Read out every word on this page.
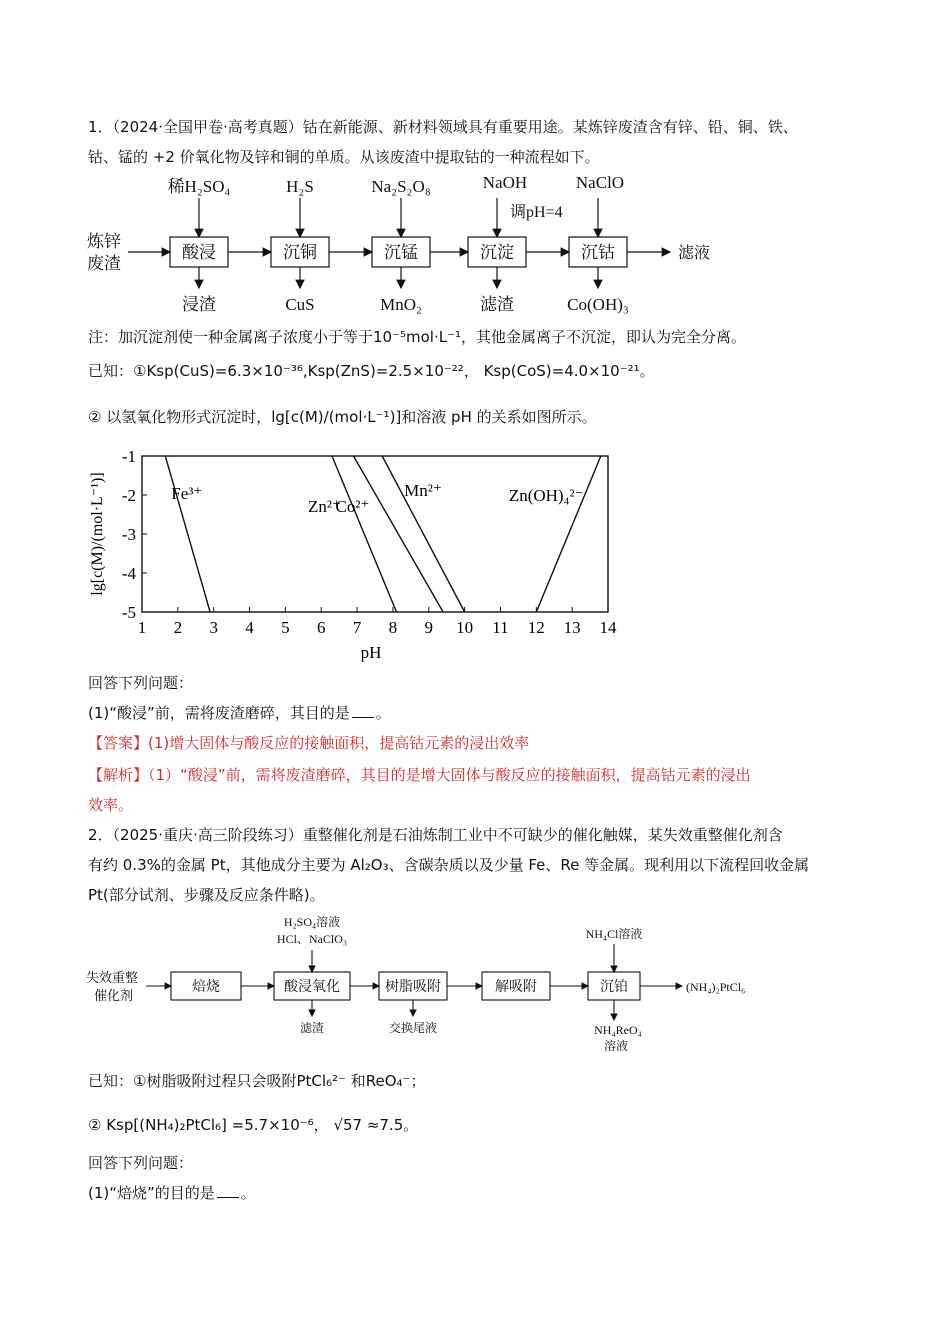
1．（2024·全国甲卷·高考真题）钴在新能源、新材料领域具有重要用途。某炼锌废渣含有锌、铅、铜、铁、
钴、锰的 +2 价氧化物及锌和铜的单质。从该废渣中提取钴的一种流程如下。
炼锌
废渣
酸浸	沉铜	沉锰	沉淀	沉钴
稀H₂SO₄	H₂S	Na₂S₂O₈	NaOH	NaClO
浸渣	CuS	MnO₂	滤渣	Co(OH)₃
调pH=4
滤液
注：加沉淀剂使一种金属离子浓度小于等于10⁻⁵mol·L⁻¹，其他金属离子不沉淀，即认为完全分离。
已知：①Ksp(CuS)=6.3×10⁻³⁶,Ksp(ZnS)=2.5×10⁻²²， Ksp(CoS)=4.0×10⁻²¹。
② 以氢氧化物形式沉淀时，lg[c(M)/(mol·L⁻¹)]和溶液 pH 的关系如图所示。
1 2 3 4 5 6 7 8 9 10 11 12 13 14
-1
-2
-3
-4
-5
Fe³⁺
Zn²⁺
Co²⁺
Mn²⁺	Zn(OH)₄²⁻
pH
lg[c(M)/(mol·L⁻¹)]
回答下列问题：
(1)“酸浸”前，需将废渣磨碎，其目的是 。
【答案】(1)增大固体与酸反应的接触面积，提高钴元素的浸出效率
【解析】（1）“酸浸”前，需将废渣磨碎，其目的是增大固体与酸反应的接触面积，提高钴元素的浸出
效率。
2．（2025·重庆·高三阶段练习）重整催化剂是石油炼制工业中不可缺少的催化触媒，某失效重整催化剂含
有约 0.3%的金属 Pt，其他成分主要为 Al₂O₃、含碳杂质以及少量 Fe、Re 等金属。现利用以下流程回收金属
Pt(部分试剂、步骤及反应条件略)。
失效重整
催化剂
焙烧	酸浸氧化	树脂吸附	解吸附	沉铂
H₂SO₄溶液
HCl、NaClO₃	NH₄Cl溶液
滤渣	交换尾液	NH₄ReO₄
溶液
(NH₄)₂PtCl₆
已知：①树脂吸附过程只会吸附PtCl₆²⁻ 和ReO₄⁻；
② Ksp[(NH₄)₂PtCl₆] =5.7×10⁻⁶， √57 ≈7.5。
回答下列问题：
(1)“焙烧”的目的是 。
